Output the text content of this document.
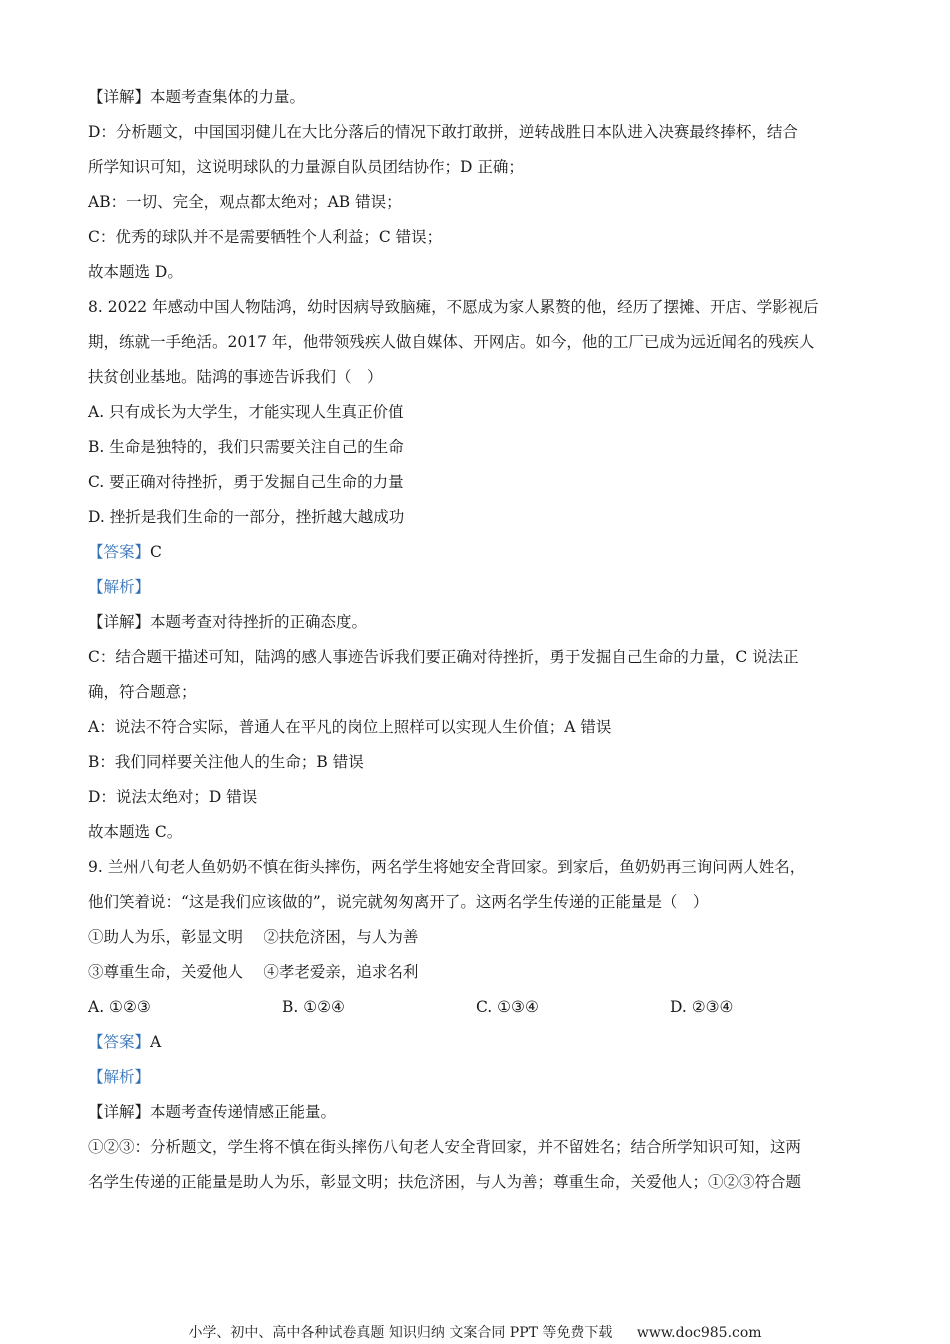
【详解】本题考查集体的力量。
D：分析题文，中国国羽健儿在大比分落后的情况下敢打敢拼，逆转战胜日本队进入决赛最终捧杯，结合
所学知识可知，这说明球队的力量源自队员团结协作；D 正确；
AB：一切、完全，观点都太绝对；AB 错误；
C：优秀的球队并不是需要牺牲个人利益；C 错误；
故本题选 D。
8. 2022 年感动中国人物陆鸿，幼时因病导致脑瘫，不愿成为家人累赘的他，经历了摆摊、开店、学影视后
期，练就一手绝活。2017 年，他带领残疾人做自媒体、开网店。如今，他的工厂已成为远近闻名的残疾人
扶贫创业基地。陆鸿的事迹告诉我们（　）
A. 只有成长为大学生，才能实现人生真正价值
B. 生命是独特的，我们只需要关注自己的生命
C. 要正确对待挫折，勇于发掘自己生命的力量
D. 挫折是我们生命的一部分，挫折越大越成功
【答案】C
【解析】
【详解】本题考查对待挫折的正确态度。
C：结合题干描述可知，陆鸿的感人事迹告诉我们要正确对待挫折，勇于发掘自己生命的力量，C 说法正
确，符合题意；
A：说法不符合实际，普通人在平凡的岗位上照样可以实现人生价值；A 错误
B：我们同样要关注他人的生命；B 错误
D：说法太绝对；D 错误
故本题选 C。
9. 兰州八旬老人鱼奶奶不慎在街头摔伤，两名学生将她安全背回家。到家后，鱼奶奶再三询问两人姓名，
他们笑着说：“这是我们应该做的”，说完就匆匆离开了。这两名学生传递的正能量是（　）
①助人为乐，彰显文明　 ②扶危济困，与人为善
③尊重生命，关爱他人　 ④孝老爱亲，追求名利
A. ①②③	B. ①②④	C. ①③④	D. ②③④
【答案】A
【解析】
【详解】本题考查传递情感正能量。
①②③：分析题文，学生将不慎在街头摔伤八旬老人安全背回家，并不留姓名；结合所学知识可知，这两
名学生传递的正能量是助人为乐，彰显文明；扶危济困，与人为善；尊重生命，关爱他人；①②③符合题
小学、初中、高中各种试卷真题 知识归纳 文案合同 PPT 等免费下载 www.doc985.com
